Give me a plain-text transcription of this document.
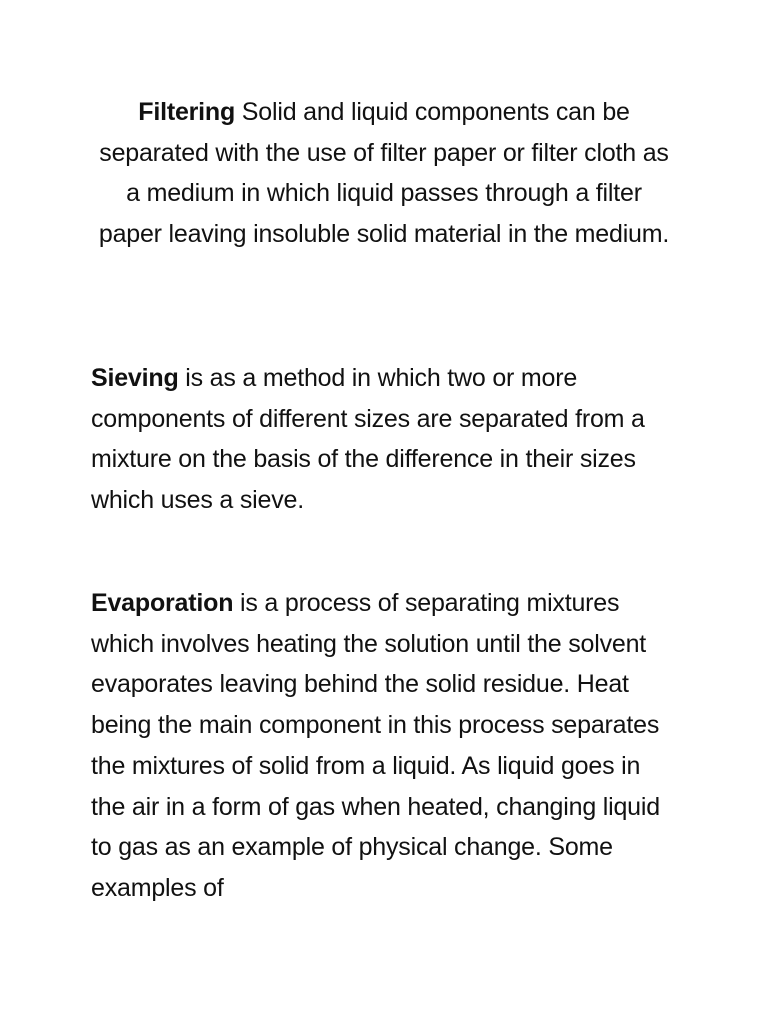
Filtering Solid and liquid components can be separated with the use of filter paper or filter cloth as a medium in which liquid passes through a filter paper leaving insoluble solid material in the medium.

Sieving is as a method in which two or more components of different sizes are separated from a mixture on the basis of the difference in their sizes which uses a sieve.

Evaporation is a process of separating mixtures which involves heating the solution until the solvent evaporates leaving behind the solid residue. Heat being the main component in this process separates the mixtures of solid from a liquid. As liquid goes in the air in a form of gas when heated, changing liquid to gas as an example of physical change. Some examples of
